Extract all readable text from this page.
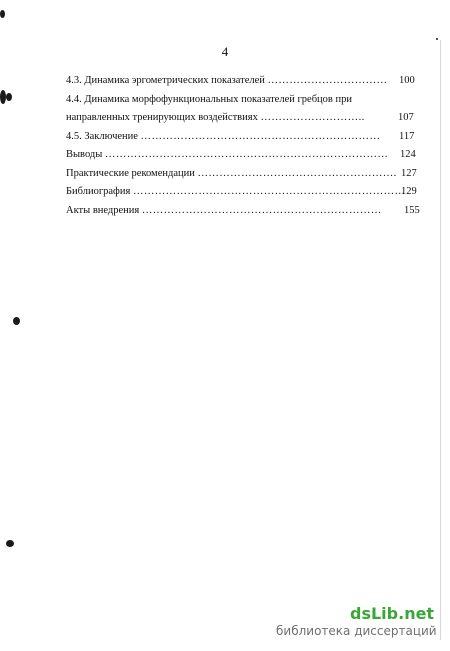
4
4.3. Динамика эргометрических показателей …………………………… 100
4.4. Динамика морфофункциональных показателей гребцов при
направленных тренирующих воздействиях ………………………..	107
4.5. Заключение ………………………………………………………… 117
Выводы …………………………………………………………………… 124
Практические рекомендации ………………………………………………. 127
Библиография …………………………………………………………………
129
Акты внедрения ………………………………………………………… 155
dsLib.net
библиотека диссертаций
